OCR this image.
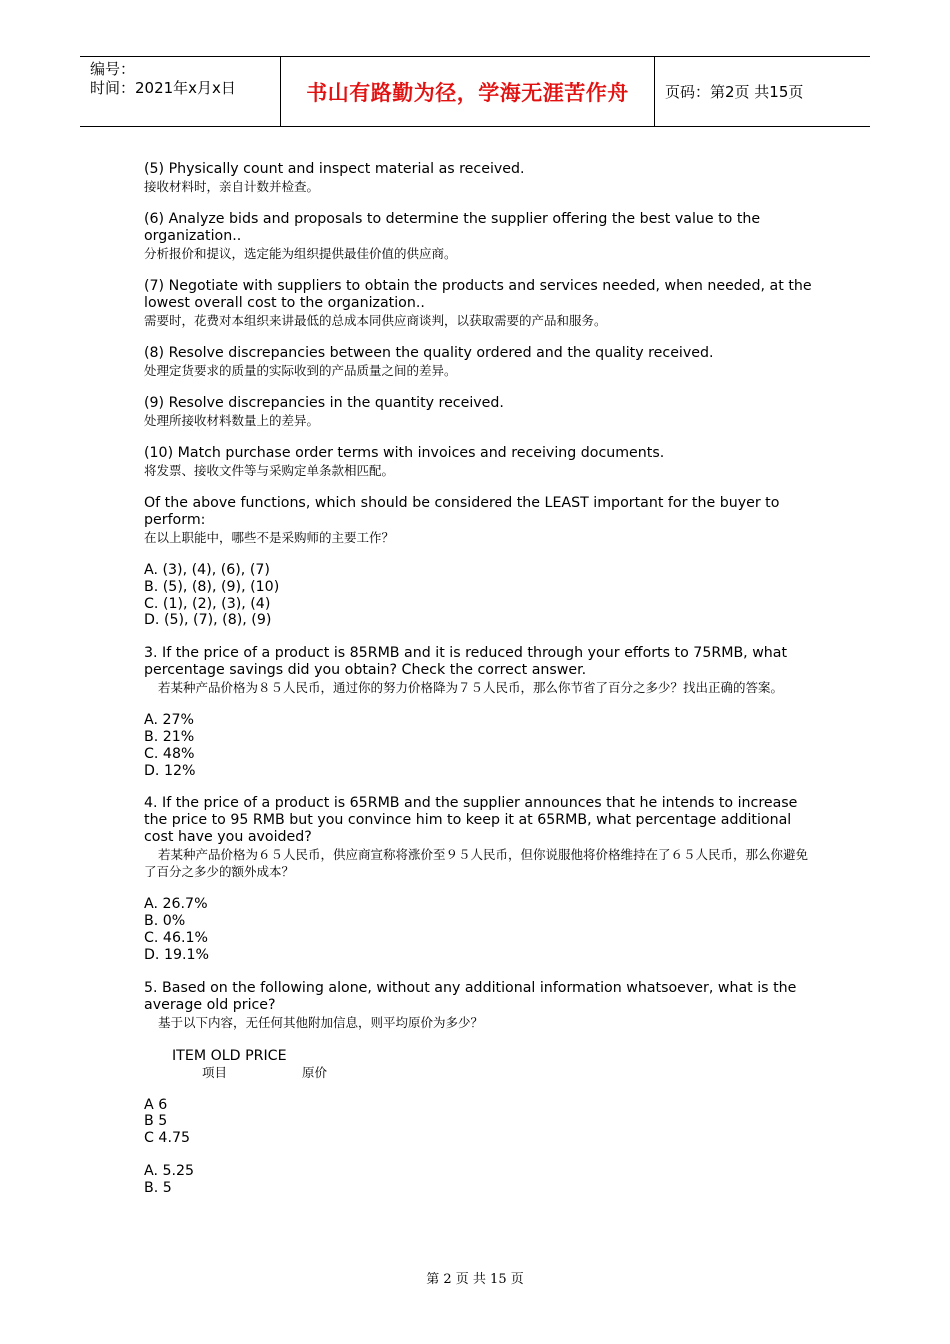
编号：
时间：2021年x月x日	书山有路勤为径，学海无涯苦作舟 页码：第2页 共15页

(5) Physically count and inspect material as received.

接收材料时，亲自计数并检查。

(6) Analyze bids and proposals to determine the supplier offering the best value to the organization..

分析报价和提议，选定能为组织提供最佳价值的供应商。

(7) Negotiate with suppliers to obtain the products and services needed, when needed, at the lowest overall cost to the organization..

需要时，花费对本组织来讲最低的总成本同供应商谈判，以获取需要的产品和服务。

(8) Resolve discrepancies between the quality ordered and the quality received.

处理定货要求的质量的实际收到的产品质量之间的差异。

(9) Resolve discrepancies in the quantity received.

处理所接收材料数量上的差异。

(10) Match purchase order terms with invoices and receiving documents.

将发票、接收文件等与采购定单条款相匹配。

Of the above functions, which should be considered the LEAST important for the buyer to perform:

在以上职能中，哪些不是采购师的主要工作？

A. (3), (4), (6), (7)

B. (5), (8), (9), (10)

C. (1), (2), (3), (4)

D. (5), (7), (8), (9)

3. If the price of a product is 85RMB and it is reduced through your efforts to 75RMB, what percentage savings did you obtain? Check the correct answer.

若某种产品价格为８５人民币，通过你的努力价格降为７５人民币，那么你节省了百分之多少？找出正确的答案。

A. 27%

B. 21%

C. 48%

D. 12%

4. If the price of a product is 65RMB and the supplier announces that he intends to increase the price to 95 RMB but you convince him to keep it at 65RMB, what percentage additional cost have you avoided?

若某种产品价格为６５人民币，供应商宣称将涨价至９５人民币，但你说服他将价格维持在了６５人民币，那么你避免了百分之多少的额外成本？

A. 26.7%

B. 0%

C. 46.1%

D. 19.1%

5. Based on the following alone, without any additional information whatsoever, what is the average old price?

基于以下内容，无任何其他附加信息，则平均原价为多少？

ITEM OLD PRICE
项目	原价

A 6

B 5

C 4.75

A. 5.25

B. 5

第 2 页 共 15 页
